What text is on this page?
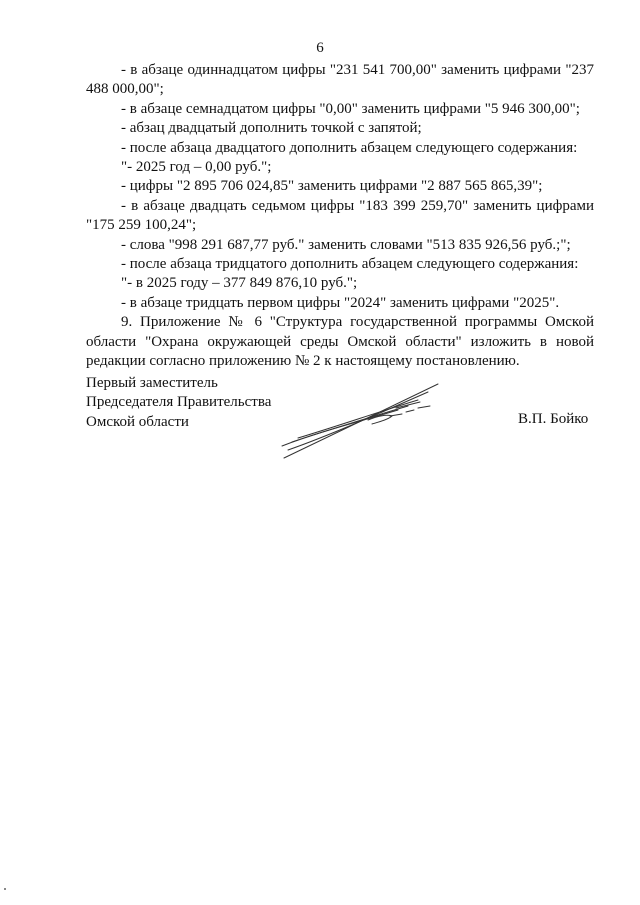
6

- в абзаце одиннадцатом цифры "231 541 700,00" заменить цифрами "237 488 000,00";

- в абзаце семнадцатом цифры "0,00" заменить цифрами "5 946 300,00";

- абзац двадцатый дополнить точкой с запятой;

- после абзаца двадцатого дополнить абзацем следующего содержания:

"- 2025 год – 0,00 руб.";

- цифры "2 895 706 024,85" заменить цифрами "2 887 565 865,39";

- в абзаце двадцать седьмом цифры "183 399 259,70" заменить цифрами "175 259 100,24";

- слова "998 291 687,77 руб." заменить словами "513 835 926,56 руб.;";

- после абзаца тридцатого дополнить абзацем следующего содержания:

"- в 2025 году – 377 849 876,10 руб.";

- в абзаце тридцать первом цифры "2024" заменить цифрами "2025".

9. Приложение № 6 "Структура государственной программы Омской области "Охрана окружающей среды Омской области" изложить в новой редакции согласно приложению № 2 к настоящему постановлению.

Первый заместитель

Председателя Правительства

Омской области	В.П. Бойко
